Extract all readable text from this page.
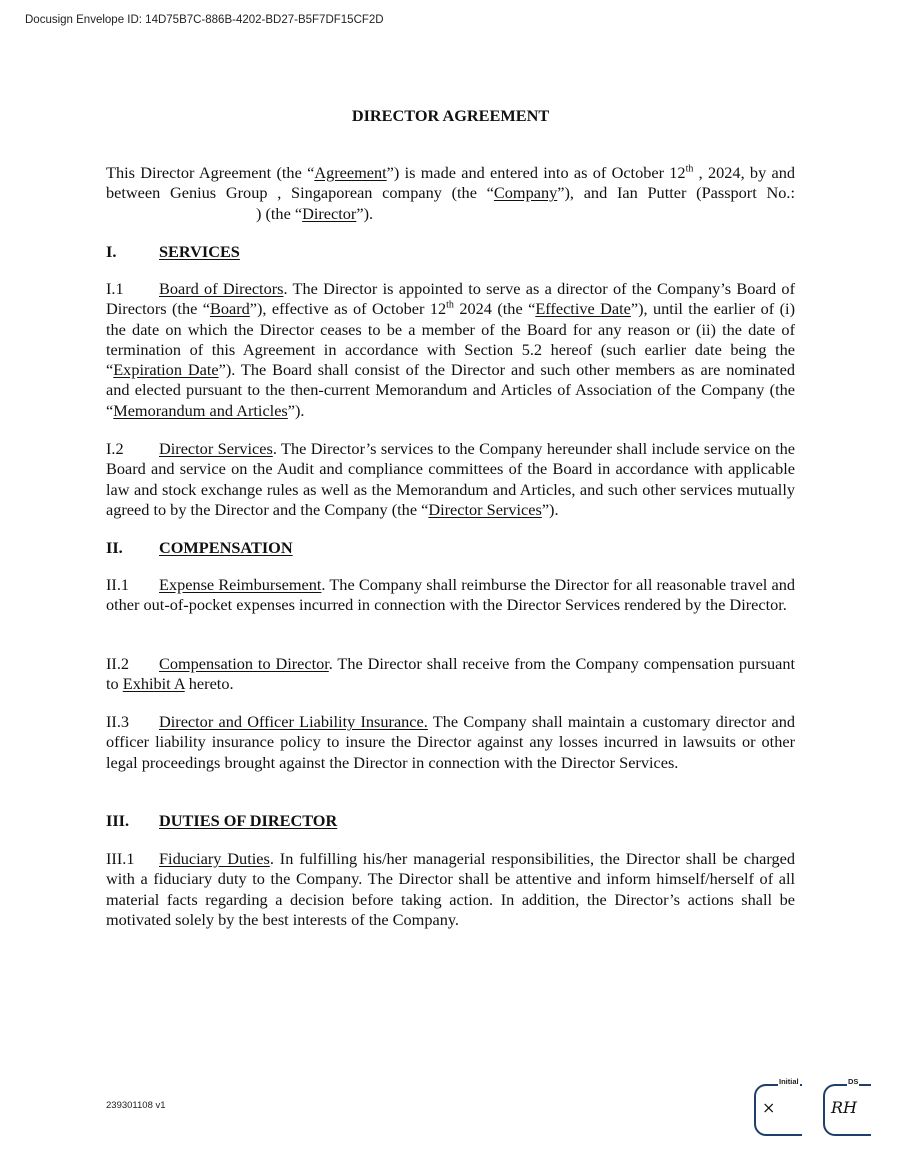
Docusign Envelope ID: 14D75B7C-886B-4202-BD27-B5F7DF15CF2D
DIRECTOR AGREEMENT

This Director Agreement (the “Agreement”) is made and entered into as of October 12th , 2024, by and between Genius Group , Singaporean company (the “Company”), and Ian Putter (Passport No.:) (the “Director”).

I.	SERVICES

I.1 Board of Directors. The Director is appointed to serve as a director of the Company’s Board of Directors (the “Board”), effective as of October 12th 2024 (the “Effective Date”), until the earlier of (i) the date on which the Director ceases to be a member of the Board for any reason or (ii) the date of termination of this Agreement in accordance with Section 5.2 hereof (such earlier date being the “Expiration Date”). The Board shall consist of the Director and such other members as are nominated and elected pursuant to the then-current Memorandum and Articles of Association of the Company (the “Memorandum and Articles”).

I.2 Director Services. The Director’s services to the Company hereunder shall include service on the Board and service on the Audit and compliance committees of the Board in accordance with applicable law and stock exchange rules as well as the Memorandum and Articles, and such other services mutually agreed to by the Director and the Company (the “Director Services”).

II. COMPENSATION

II.1 Expense Reimbursement. The Company shall reimburse the Director for all reasonable travel and other out-of-pocket expenses incurred in connection with the Director Services rendered by the Director.

II.2 Compensation to Director. The Director shall receive from the Company compensation pursuant to Exhibit A hereto.

II.3 Director and Officer Liability Insurance. The Company shall maintain a customary director and officer liability insurance policy to insure the Director against any losses incurred in lawsuits or other legal proceedings brought against the Director in connection with the Director Services.

III. DUTIES OF DIRECTOR

III.1 Fiduciary Duties. In fulfilling his/her managerial responsibilities, the Director shall be charged with a fiduciary duty to the Company. The Director shall be attentive and inform himself/herself of all material facts regarding a decision before taking action. In addition, the Director’s actions shall be motivated solely by the best interests of the Company.

239301108 v1
Initial
⨯
DS
RH
